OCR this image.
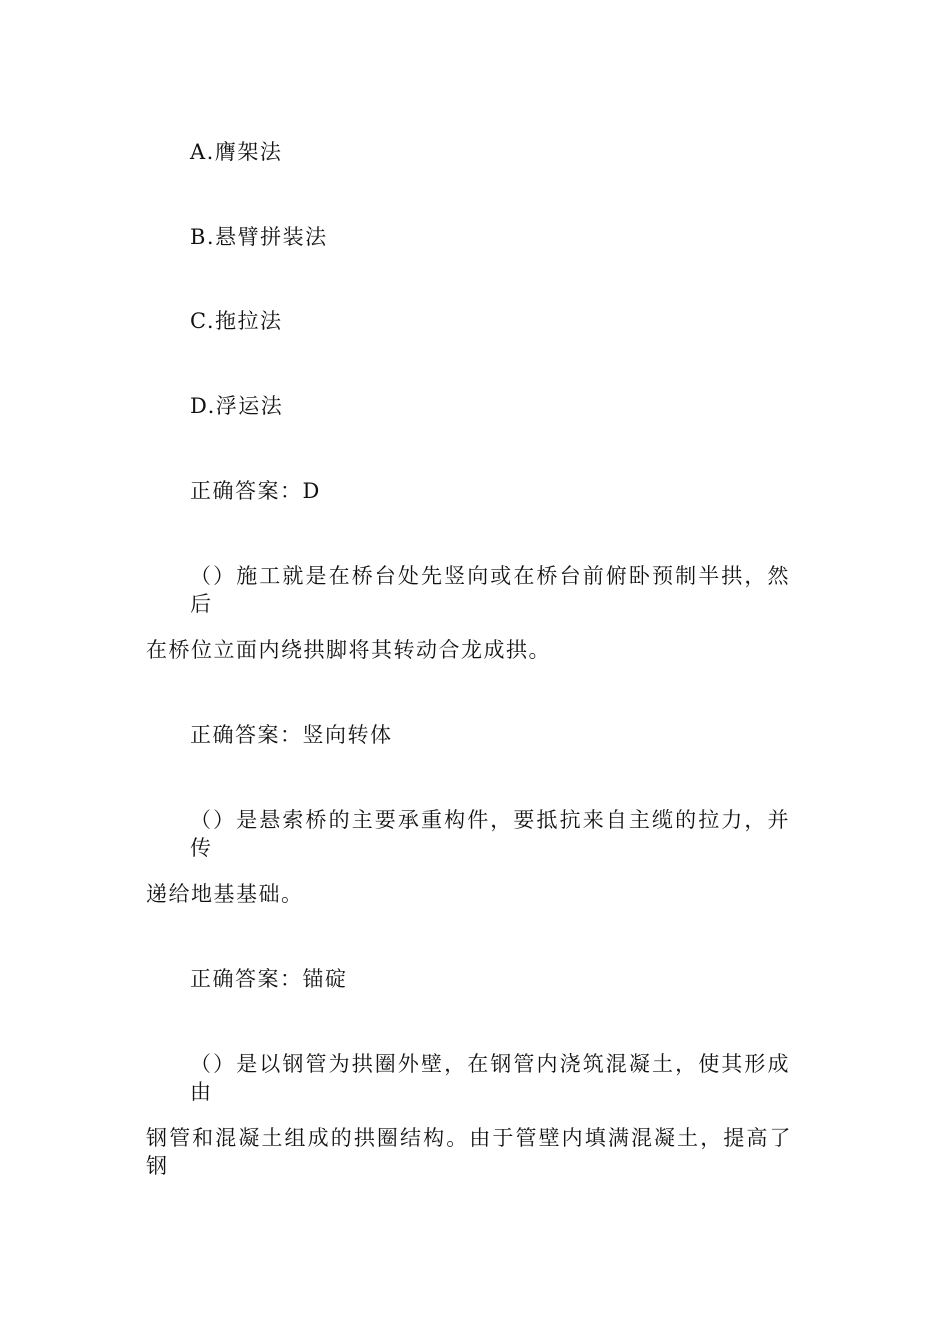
A.膺架法
B.悬臂拼装法
C.拖拉法
D.浮运法
正确答案：D
（）施工就是在桥台处先竖向或在桥台前俯卧预制半拱，然后
在桥位立面内绕拱脚将其转动合龙成拱。
正确答案：竖向转体
（）是悬索桥的主要承重构件，要抵抗来自主缆的拉力，并传
递给地基基础。
正确答案：锚碇
（）是以钢管为拱圈外壁，在钢管内浇筑混凝土，使其形成由
钢管和混凝土组成的拱圈结构。由于管壁内填满混凝土，提高了钢
